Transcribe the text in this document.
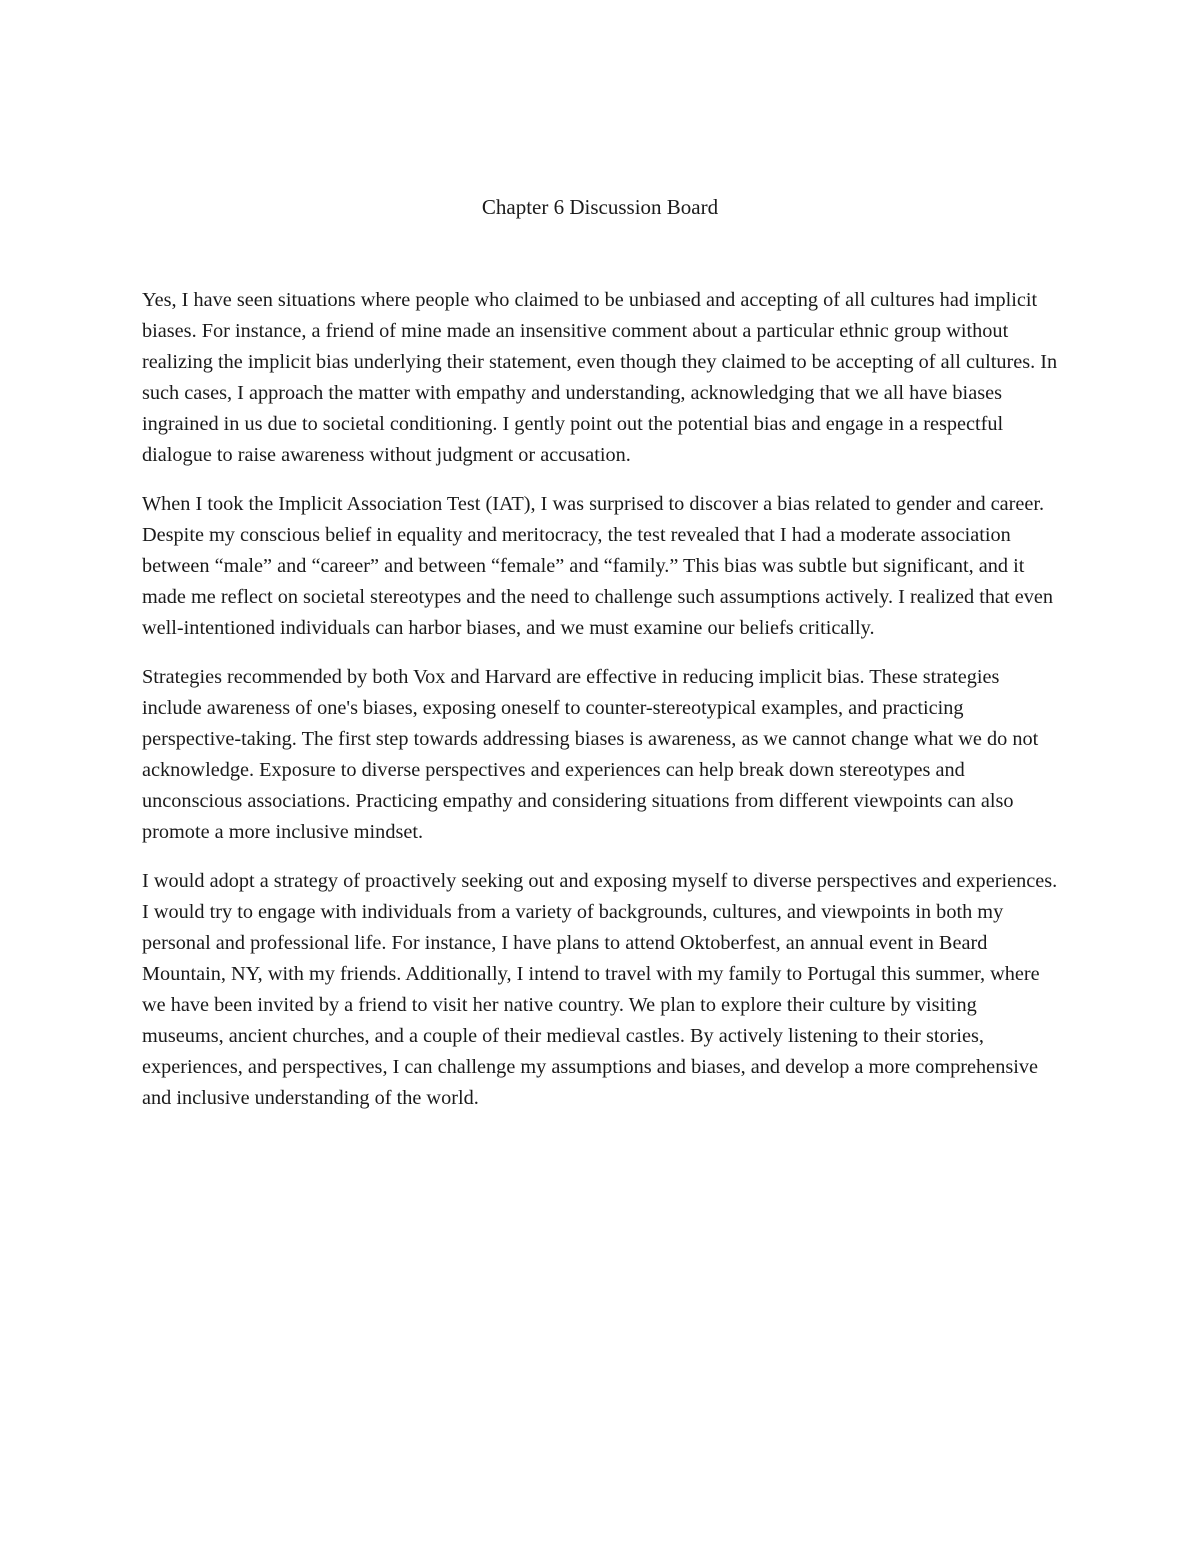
Chapter 6 Discussion Board

Yes, I have seen situations where people who claimed to be unbiased and accepting of all cultures had implicit biases. For instance, a friend of mine made an insensitive comment about a particular ethnic group without realizing the implicit bias underlying their statement, even though they claimed to be accepting of all cultures. In such cases, I approach the matter with empathy and understanding, acknowledging that we all have biases ingrained in us due to societal conditioning. I gently point out the potential bias and engage in a respectful dialogue to raise awareness without judgment or accusation.

When I took the Implicit Association Test (IAT), I was surprised to discover a bias related to gender and career. Despite my conscious belief in equality and meritocracy, the test revealed that I had a moderate association between “male” and “career” and between “female” and “family.” This bias was subtle but significant, and it made me reflect on societal stereotypes and the need to challenge such assumptions actively. I realized that even well-intentioned individuals can harbor biases, and we must examine our beliefs critically.

Strategies recommended by both Vox and Harvard are effective in reducing implicit bias. These strategies include awareness of one's biases, exposing oneself to counter-stereotypical examples, and practicing perspective-taking. The first step towards addressing biases is awareness, as we cannot change what we do not acknowledge. Exposure to diverse perspectives and experiences can help break down stereotypes and unconscious associations. Practicing empathy and considering situations from different viewpoints can also promote a more inclusive mindset.

I would adopt a strategy of proactively seeking out and exposing myself to diverse perspectives and experiences. I would try to engage with individuals from a variety of backgrounds, cultures, and viewpoints in both my personal and professional life. For instance, I have plans to attend Oktoberfest, an annual event in Beard Mountain, NY, with my friends. Additionally, I intend to travel with my family to Portugal this summer, where we have been invited by a friend to visit her native country. We plan to explore their culture by visiting museums, ancient churches, and a couple of their medieval castles. By actively listening to their stories, experiences, and perspectives, I can challenge my assumptions and biases, and develop a more comprehensive and inclusive understanding of the world.
